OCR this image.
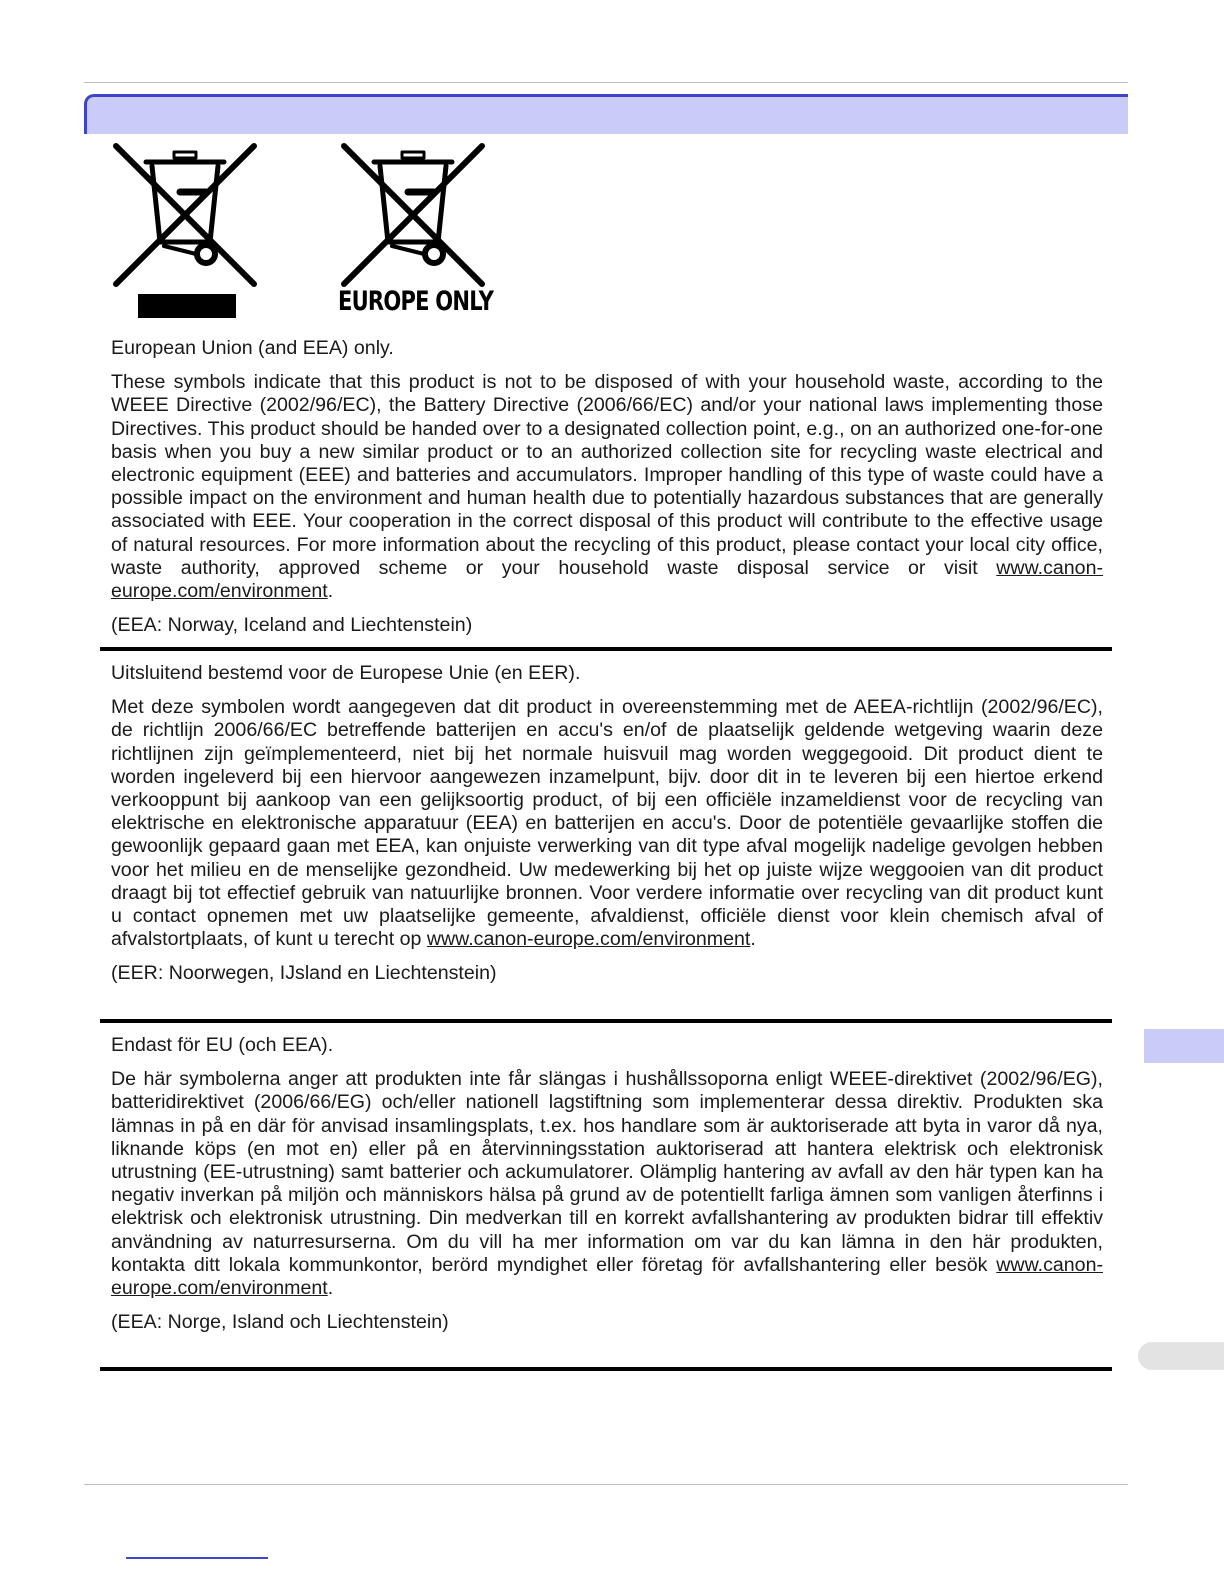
EUROPE ONLY

European Union (and EEA) only.

These symbols indicate that this product is not to be disposed of with your household waste, according to the WEEE Directive (2002/96/EC), the Battery Directive (2006/66/EC) and/or your national laws implementing those Directives. This product should be handed over to a designated collection point, e.g., on an authorized one-for-one basis when you buy a new similar product or to an authorized collection site for recycling waste electrical and electronic equipment (EEE) and batteries and accumulators. Improper handling of this type of waste could have a possible impact on the environment and human health due to potentially hazardous substances that are generally associated with EEE. Your cooperation in the correct disposal of this product will contribute to the effective usage of natural resources. For more information about the recycling of this product, please contact your local city office, waste authority, approved scheme or your household waste disposal service or visit www.canon-europe.com/environment.

(EEA: Norway, Iceland and Liechtenstein)

Uitsluitend bestemd voor de Europese Unie (en EER).

Met deze symbolen wordt aangegeven dat dit product in overeenstemming met de AEEA-richtlijn (2002/96/EC), de richtlijn 2006/66/EC betreffende batterijen en accu's en/of de plaatselijk geldende wetgeving waarin deze richtlijnen zijn geïmplementeerd, niet bij het normale huisvuil mag worden weggegooid. Dit product dient te worden ingeleverd bij een hiervoor aangewezen inzamelpunt, bijv. door dit in te leveren bij een hiertoe erkend verkooppunt bij aankoop van een gelijksoortig product, of bij een officiële inzameldienst voor de recycling van elektrische en elektronische apparatuur (EEA) en batterijen en accu's. Door de potentiële gevaarlijke stoffen die gewoonlijk gepaard gaan met EEA, kan onjuiste verwerking van dit type afval mogelijk nadelige gevolgen hebben voor het milieu en de menselijke gezondheid. Uw medewerking bij het op juiste wijze weggooien van dit product draagt bij tot effectief gebruik van natuurlijke bronnen. Voor verdere informatie over recycling van dit product kunt u contact opnemen met uw plaatselijke gemeente, afvaldienst, officiële dienst voor klein chemisch afval of afvalstortplaats, of kunt u terecht op www.canon-europe.com/environment.

(EER: Noorwegen, IJsland en Liechtenstein)

Endast för EU (och EEA).

De här symbolerna anger att produkten inte får slängas i hushållssoporna enligt WEEE-direktivet (2002/96/EG), batteridirektivet (2006/66/EG) och/eller nationell lagstiftning som implementerar dessa direktiv. Produkten ska lämnas in på en där för anvisad insamlingsplats, t.ex. hos handlare som är auktoriserade att byta in varor då nya, liknande köps (en mot en) eller på en återvinningsstation auktoriserad att hantera elektrisk och elektronisk utrustning (EE-utrustning) samt batterier och ackumulatorer. Olämplig hantering av avfall av den här typen kan ha negativ inverkan på miljön och människors hälsa på grund av de potentiellt farliga ämnen som vanligen återfinns i elektrisk och elektronisk utrustning. Din medverkan till en korrekt avfallshantering av produkten bidrar till effektiv användning av naturresurserna. Om du vill ha mer information om var du kan lämna in den här produkten, kontakta ditt lokala kommunkontor, berörd myndighet eller företag för avfallshantering eller besök www.canon-europe.com/environment.

(EEA: Norge, Island och Liechtenstein)
